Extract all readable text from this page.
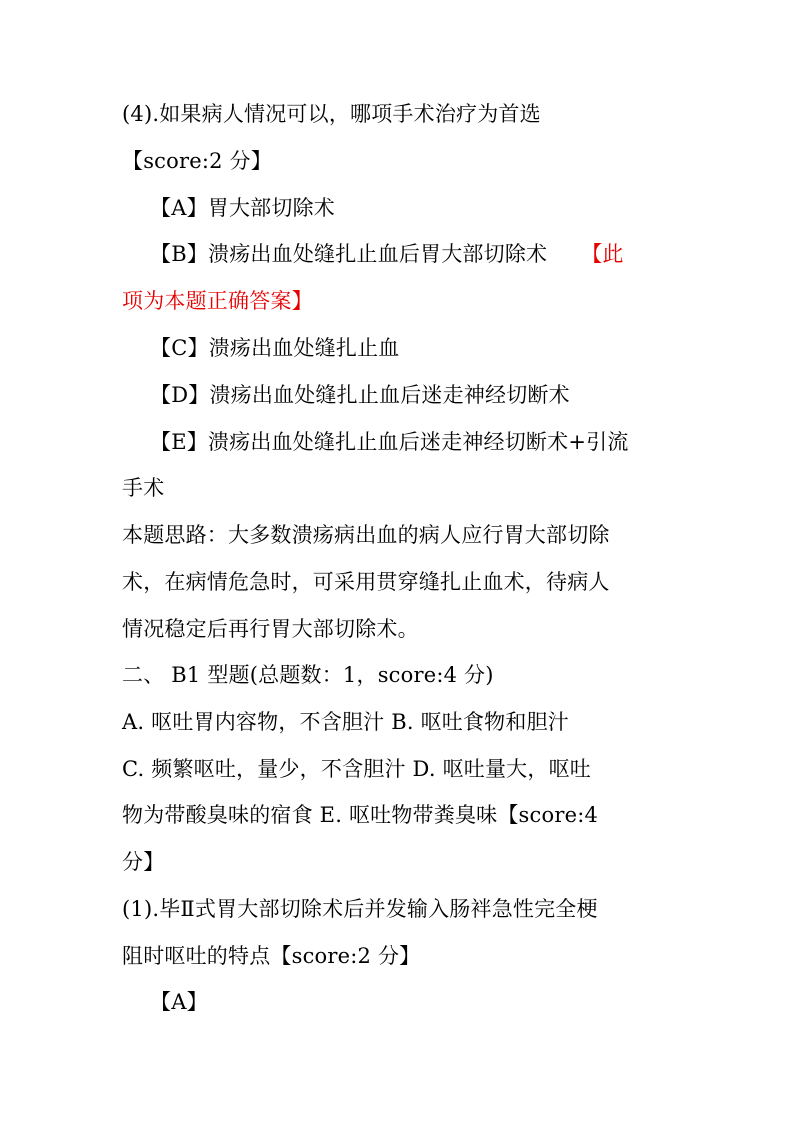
(4).如果病人情况可以，哪项手术治疗为首选
【score:2 分】
【A】胃大部切除术
【B】溃疡出血处缝扎止血后胃大部切除术 【此
项为本题正确答案】
【C】溃疡出血处缝扎止血
【D】溃疡出血处缝扎止血后迷走神经切断术
【E】溃疡出血处缝扎止血后迷走神经切断术+引流
手术
本题思路：大多数溃疡病出血的病人应行胃大部切除
术，在病情危急时，可采用贯穿缝扎止血术，待病人
情况稳定后再行胃大部切除术。
二、 B1 型题(总题数：1，score:4 分)
A. 呕吐胃内容物，不含胆汁 B. 呕吐食物和胆汁
C. 频繁呕吐，量少，不含胆汁 D. 呕吐量大，呕吐
物为带酸臭味的宿食 E. 呕吐物带粪臭味【score:4
分】
(1).毕Ⅱ式胃大部切除术后并发输入肠袢急性完全梗
阻时呕吐的特点【score:2 分】
【A】
